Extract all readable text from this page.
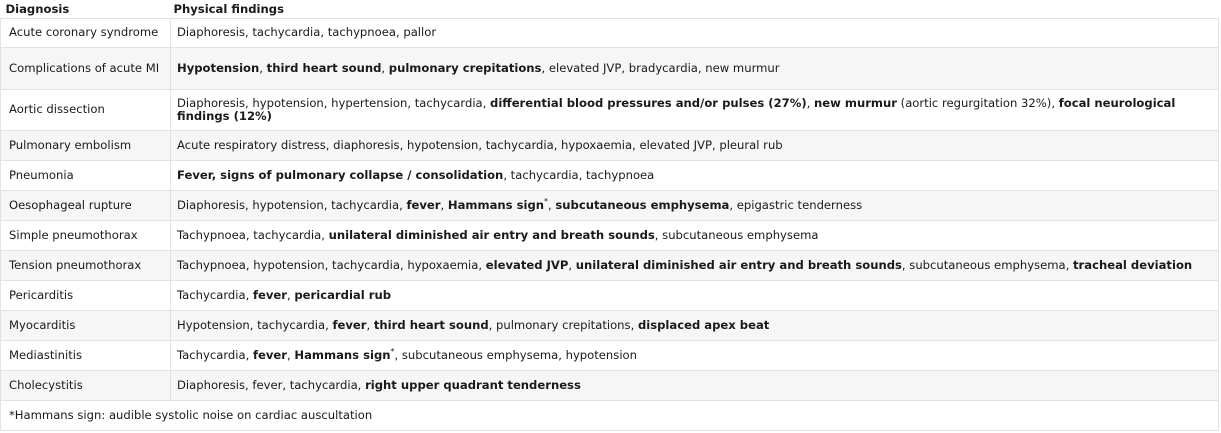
Diagnosis	Physical findings
Acute coronary syndrome	Diaphoresis, tachycardia, tachypnoea, pallor
Complications of acute MI	Hypotension, third heart sound, pulmonary crepitations, elevated JVP, bradycardia, new murmur
Aortic dissection	Diaphoresis, hypotension, hypertension, tachycardia, differential blood pressures and/or pulses (27%), new murmur (aortic regurgitation 32%), focal neurological findings (12%)
Pulmonary embolism	Acute respiratory distress, diaphoresis, hypotension, tachycardia, hypoxaemia, elevated JVP, pleural rub
Pneumonia	Fever, signs of pulmonary collapse / consolidation, tachycardia, tachypnoea
Oesophageal rupture	Diaphoresis, hypotension, tachycardia, fever, Hammans sign*, subcutaneous emphysema, epigastric tenderness
Simple pneumothorax	Tachypnoea, tachycardia, unilateral diminished air entry and breath sounds, subcutaneous emphysema
Tension pneumothorax	Tachypnoea, hypotension, tachycardia, hypoxaemia, elevated JVP, unilateral diminished air entry and breath sounds, subcutaneous emphysema, tracheal deviation
Pericarditis	Tachycardia, fever, pericardial rub
Myocarditis	Hypotension, tachycardia, fever, third heart sound, pulmonary crepitations, displaced apex beat
Mediastinitis	Tachycardia, fever, Hammans sign*, subcutaneous emphysema, hypotension
Cholecystitis	Diaphoresis, fever, tachycardia, right upper quadrant tenderness
*Hammans sign: audible systolic noise on cardiac auscultation	
